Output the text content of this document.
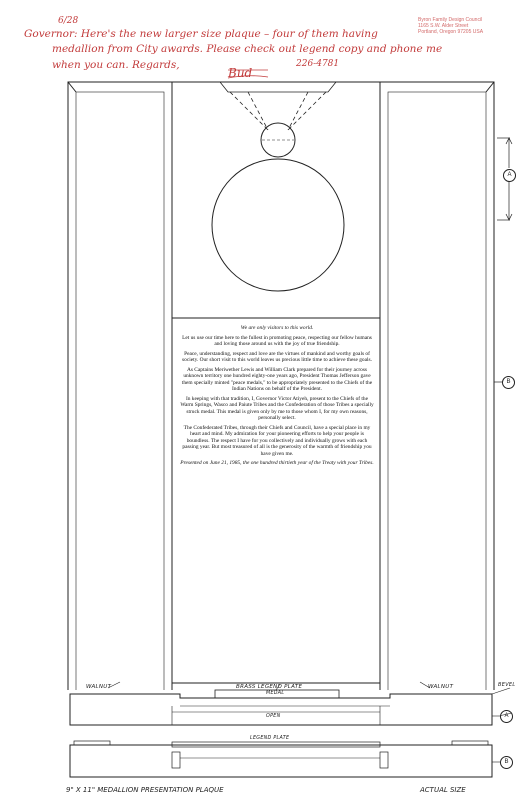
6/28
Governor: Here's the new larger size plaque – four of them having
medallion from City awards. Please check out legend copy and phone me
when you can. Regards,
Bud
226-4781
Byron Family Design Council
1165 S.W. Alder Street
Portland, Oregon 97205 USA
We are only visitors to this world.
Let us use our time here to the fullest in promoting peace, respecting our fellow humans and loving those around us with the joy of true friendship.
Peace, understanding, respect and love are the virtues of mankind and worthy goals of society. Our short visit to this world leaves us precious little time to achieve these goals.
As Captains Meriwether Lewis and William Clark prepared for their journey across unknown territory one hundred eighty-one years ago, President Thomas Jefferson gave them specially minted "peace medals," to be appropriately presented to the Chiefs of the Indian Nations on behalf of the President.
In keeping with that tradition, I, Governor Victor Atiyeh, present to the Chiefs of the Warm Springs, Wasco and Paiute Tribes and the Confederation of those Tribes a specially struck medal. This medal is given only by me to those whom I, for my own reasons, personally select.
The Confederated Tribes, through their Chiefs and Council, have a special place in my heart and mind. My admiration for your pioneering efforts to help your people is boundless. The respect I have for you collectively and individually grows with each passing year. But most treasured of all is the generosity of the warmth of friendship you have given me.
Presented on June 21, 1985, the one hundred thirtieth year of the Treaty with your Tribes.
WALNUT	BRASS LEGEND PLATE	WALNUT	BEVEL
MEDAL
OPEN
LEGEND PLATE
A
B
A
B
9" X 11" MEDALLION PRESENTATION PLAQUE	ACTUAL SIZE
